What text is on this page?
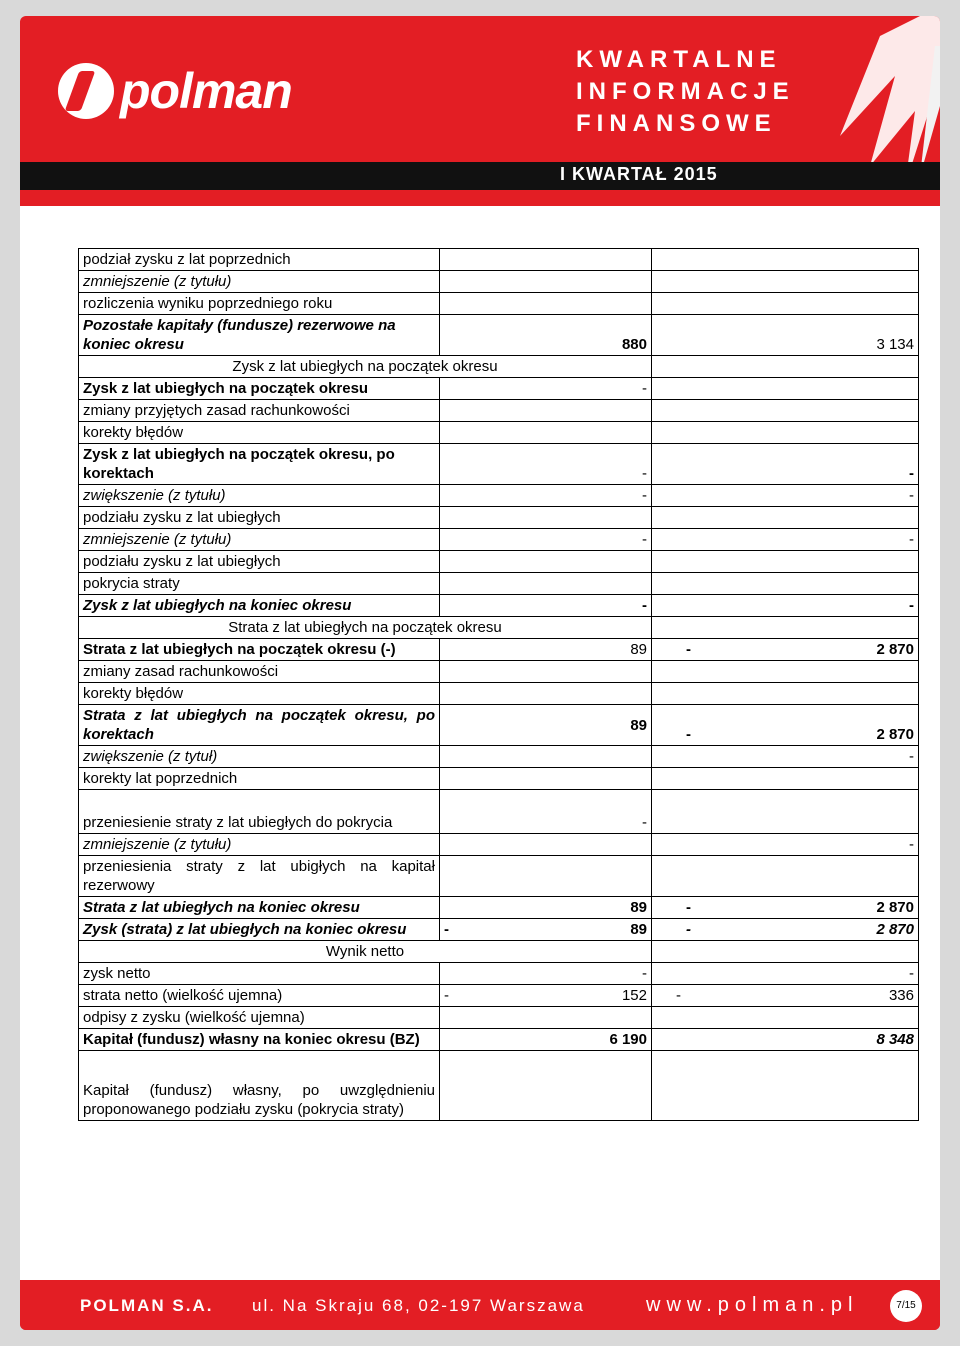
polman
KWARTALNE
INFORMACJE
FINANSOWE
I KWARTAŁ 2015
podział zysku z lat poprzednich		
zmniejszenie (z tytułu)		
rozliczenia wyniku poprzedniego roku		
Pozostałe kapitały (fundusze) rezerwowe na koniec okresu	880	3 134
Zysk z lat ubiegłych na początek okresu		
Zysk z lat ubiegłych na początek okresu	-	
zmiany przyjętych zasad rachunkowości		
korekty błędów		
Zysk z lat ubiegłych na początek okresu, po korektach	-	-
zwiększenie (z tytułu)	-	-
podziału zysku z lat ubiegłych		
zmniejszenie (z tytułu)	-	-
podziału zysku z lat ubiegłych		
pokrycia straty		
Zysk z lat ubiegłych na koniec okresu	-	-
Strata z lat ubiegłych na początek okresu		
Strata z lat ubiegłych na początek okresu (-)	89	- 2 870

zmiany zasad rachunkowości		
korekty błędów		
Strata z lat ubiegłych na początek okresu, po korektach	89	- 2 870

zwiększenie (z tytuł)		-
korekty lat poprzednich		
przeniesienie straty z lat ubiegłych do pokrycia	-	
zmniejszenie (z tytułu)		-
przeniesienia straty z lat ubigłych na kapitał rezerwowy		
Strata z lat ubiegłych na koniec okresu	89	- 2 870

Zysk (strata) z lat ubiegłych na koniec okresu	- 89	- 2 870

Wynik netto		
zysk netto	-	-
strata netto (wielkość ujemna)	- 152	- 336

odpisy z zysku (wielkość ujemna)		
Kapitał (fundusz) własny na koniec okresu (BZ)	6 190	8 348
Kapitał (fundusz) własny, po uwzględnieniu proponowanego podziału zysku (pokrycia straty)		
POLMAN S.A. ul. Na Skraju 68, 02-197 Warszawa	www.polman.pl	7/15
